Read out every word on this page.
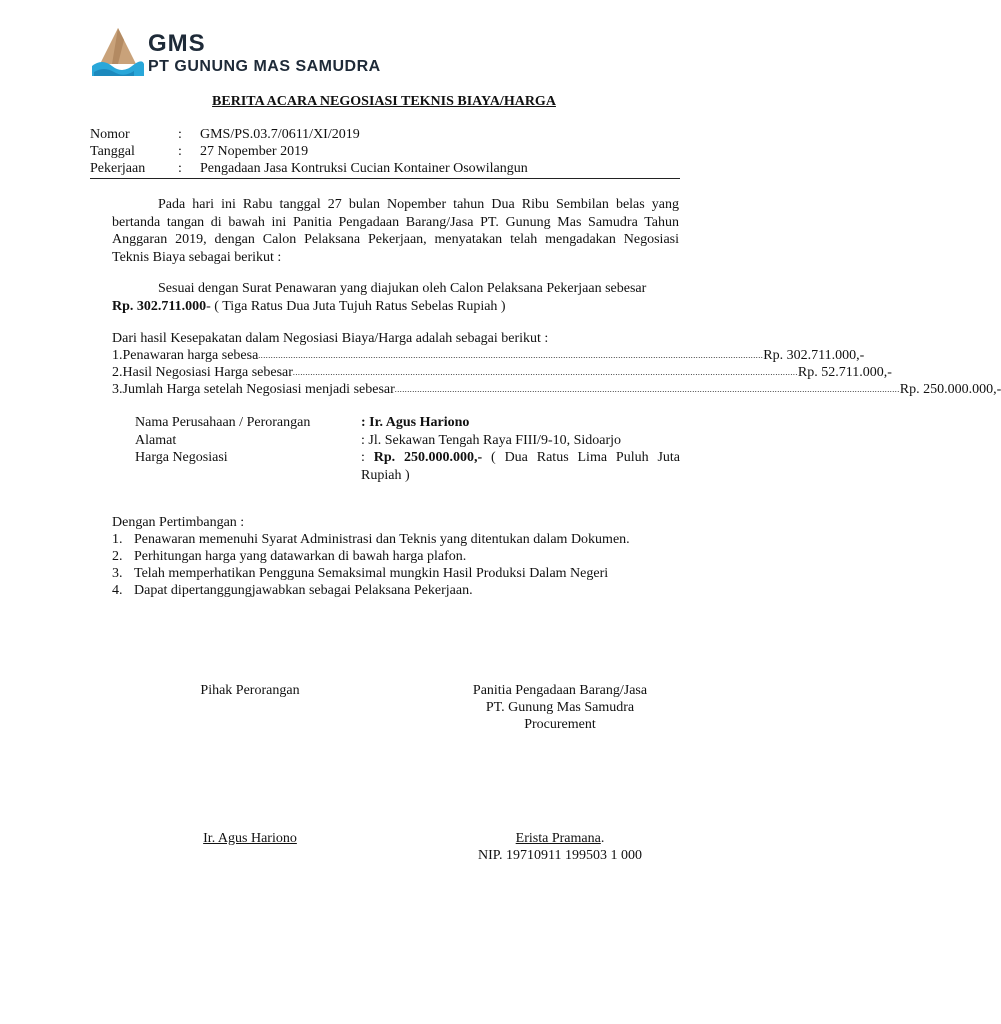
GMS
PT GUNUNG MAS SAMUDRA
BERITA ACARA NEGOSIASI TEKNIS BIAYA/HARGA
Nomor	:	GMS/PS.03.7/0611/XI/2019
Tanggal	:	27 Nopember 2019
Pekerjaan	:	Pengadaan Jasa Kontruksi Cucian Kontainer Osowilangun
Pada hari ini Rabu tanggal 27 bulan Nopember tahun Dua Ribu Sembilan belas yang bertanda tangan di bawah ini Panitia Pengadaan Barang/Jasa PT. Gunung Mas Samudra Tahun Anggaran 2019, dengan Calon Pelaksana Pekerjaan, menyatakan telah mengadakan Negosiasi Teknis Biaya sebagai berikut :
Sesuai dengan Surat Penawaran yang diajukan oleh Calon Pelaksana Pekerjaan sebesar
Rp. 302.711.000- ( Tiga Ratus Dua Juta Tujuh Ratus Sebelas Rupiah )
Dari hasil Kesepakatan dalam Negosiasi Biaya/Harga adalah sebagai berikut :
1. Penawaran harga sebesa .......................................................................................................................................................................................................... Rp. 302.711.000,-
2. Hasil Negosiasi Harga sebesar .......................................................................................................................................................................................................... Rp. 52.711.000,-
3. Jumlah Harga setelah Negosiasi menjadi sebesar .......................................................................................................................................................................................................... Rp. 250.000.000,-
Nama Perusahaan / Perorangan	: Ir. Agus Hariono
Alamat	: Jl. Sekawan Tengah Raya FIII/9-10, Sidoarjo
Harga Negosiasi	: Rp. 250.000.000,- ( Dua Ratus Lima Puluh Juta Rupiah )
Dengan Pertimbangan :
1. Penawaran memenuhi Syarat Administrasi dan Teknis yang ditentukan dalam Dokumen.
2. Perhitungan harga yang datawarkan di bawah harga plafon.
3. Telah memperhatikan Pengguna Semaksimal mungkin Hasil Produksi Dalam Negeri
4. Dapat dipertanggungjawabkan sebagai Pelaksana Pekerjaan.
Pihak Perorangan	Panitia Pengadaan Barang/Jasa
PT. Gunung Mas Samudra
Procurement
Ir. Agus Hariono	Erista Pramana.
NIP. 19710911 199503 1 000
